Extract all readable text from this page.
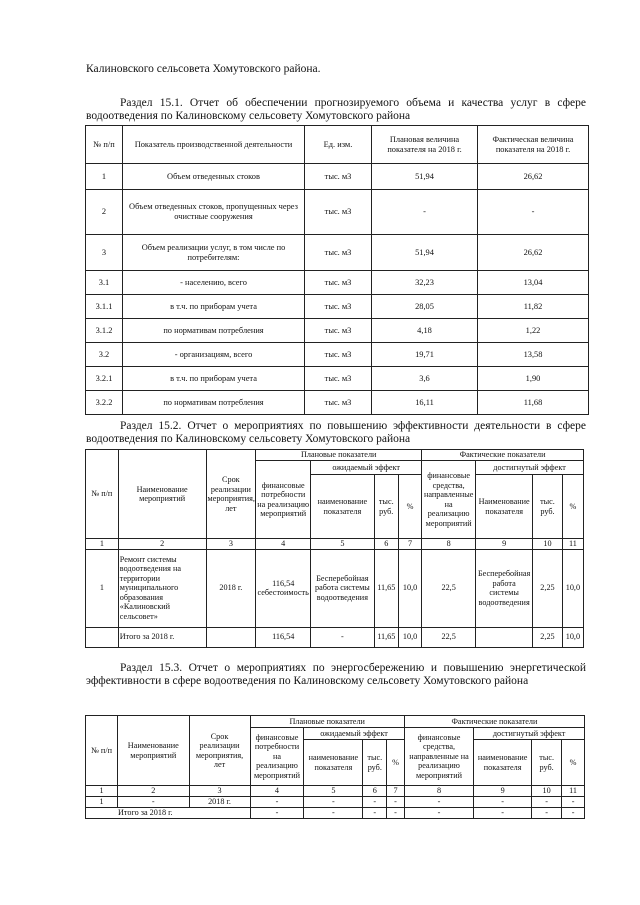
Калиновского сельсовета Хомутовского района.
Раздел 15.1. Отчет об обеспечении прогнозируемого объема и качества услуг в сфере водоотведения по Калиновскому сельсовету Хомутовского района
№ п/п	Показатель производственной деятельности	Ед. изм.	Плановая величина показателя на 2018 г.	Фактическая величина показателя на 2018 г.
1	Объем отведенных стоков	тыс. м3	51,94	26,62
2	Объем отведенных стоков, пропущенных через очистные сооружения	тыс. м3	-	-
3	Объем реализации услуг, в том числе по потребителям:	тыс. м3	51,94	26,62
3.1	- населению, всего	тыс. м3	32,23	13,04
3.1.1	в т.ч. по приборам учета	тыс. м3	28,05	11,82
3.1.2	по нормативам потребления	тыс. м3	4,18	1,22
3.2	- организациям, всего	тыс. м3	19,71	13,58
3.2.1	в т.ч. по приборам учета	тыс. м3	3,6	1,90
3.2.2	по нормативам потребления	тыс. м3	16,11	11,68
Раздел 15.2. Отчет о мероприятиях по повышению эффективности деятельности в сфере водоотведения по Калиновскому сельсовету Хомутовского района
№ п/п	Наименование мероприятий	Срок реализации мероприятия, лет	Плановые показатели				Фактические показатели			
			финансовые потребности на реализацию мероприятий	ожидаемый эффект			финансовые средства, направленные на реализацию мероприятий	достигнутый эффект		
				наименование показателя	тыс. руб.	%		Наименование показателя	тыс. руб.	%
1	2	3	4	5	6	7	8	9	10	11
1	Ремонт системы водоотведения на территории муниципального образования «Калиновский сельсовет»	2018 г.	116,54 себестоимость	Бесперебойная работа системы водоотведения	11,65	10,0	22,5	Бесперебойная работа системы водоотведения	2,25	10,0
	Итого за 2018 г.		116,54	-	11,65	10,0	22,5		2,25	10,0
Раздел 15.3. Отчет о мероприятиях по энергосбережению и повышению энергетической эффективности в сфере водоотведения по Калиновскому сельсовету Хомутовского района
№ п/п	Наименование мероприятий	Срок реализации мероприятия, лет	Плановые показатели				Фактические показатели			
			финансовые потребности на реализацию мероприятий	ожидаемый эффект			финансовые средства, направленные на реализацию мероприятий	достигнутый эффект		
				наименование показателя	тыс. руб.	%		наименование показателя	тыс. руб.	%
1	2	3	4	5	6	7	8	9	10	11
1	-	2018 г.	-	-	-	-	-	-	-	-
Итого за 2018 г.			-	-	-	-	-	-	-	-
